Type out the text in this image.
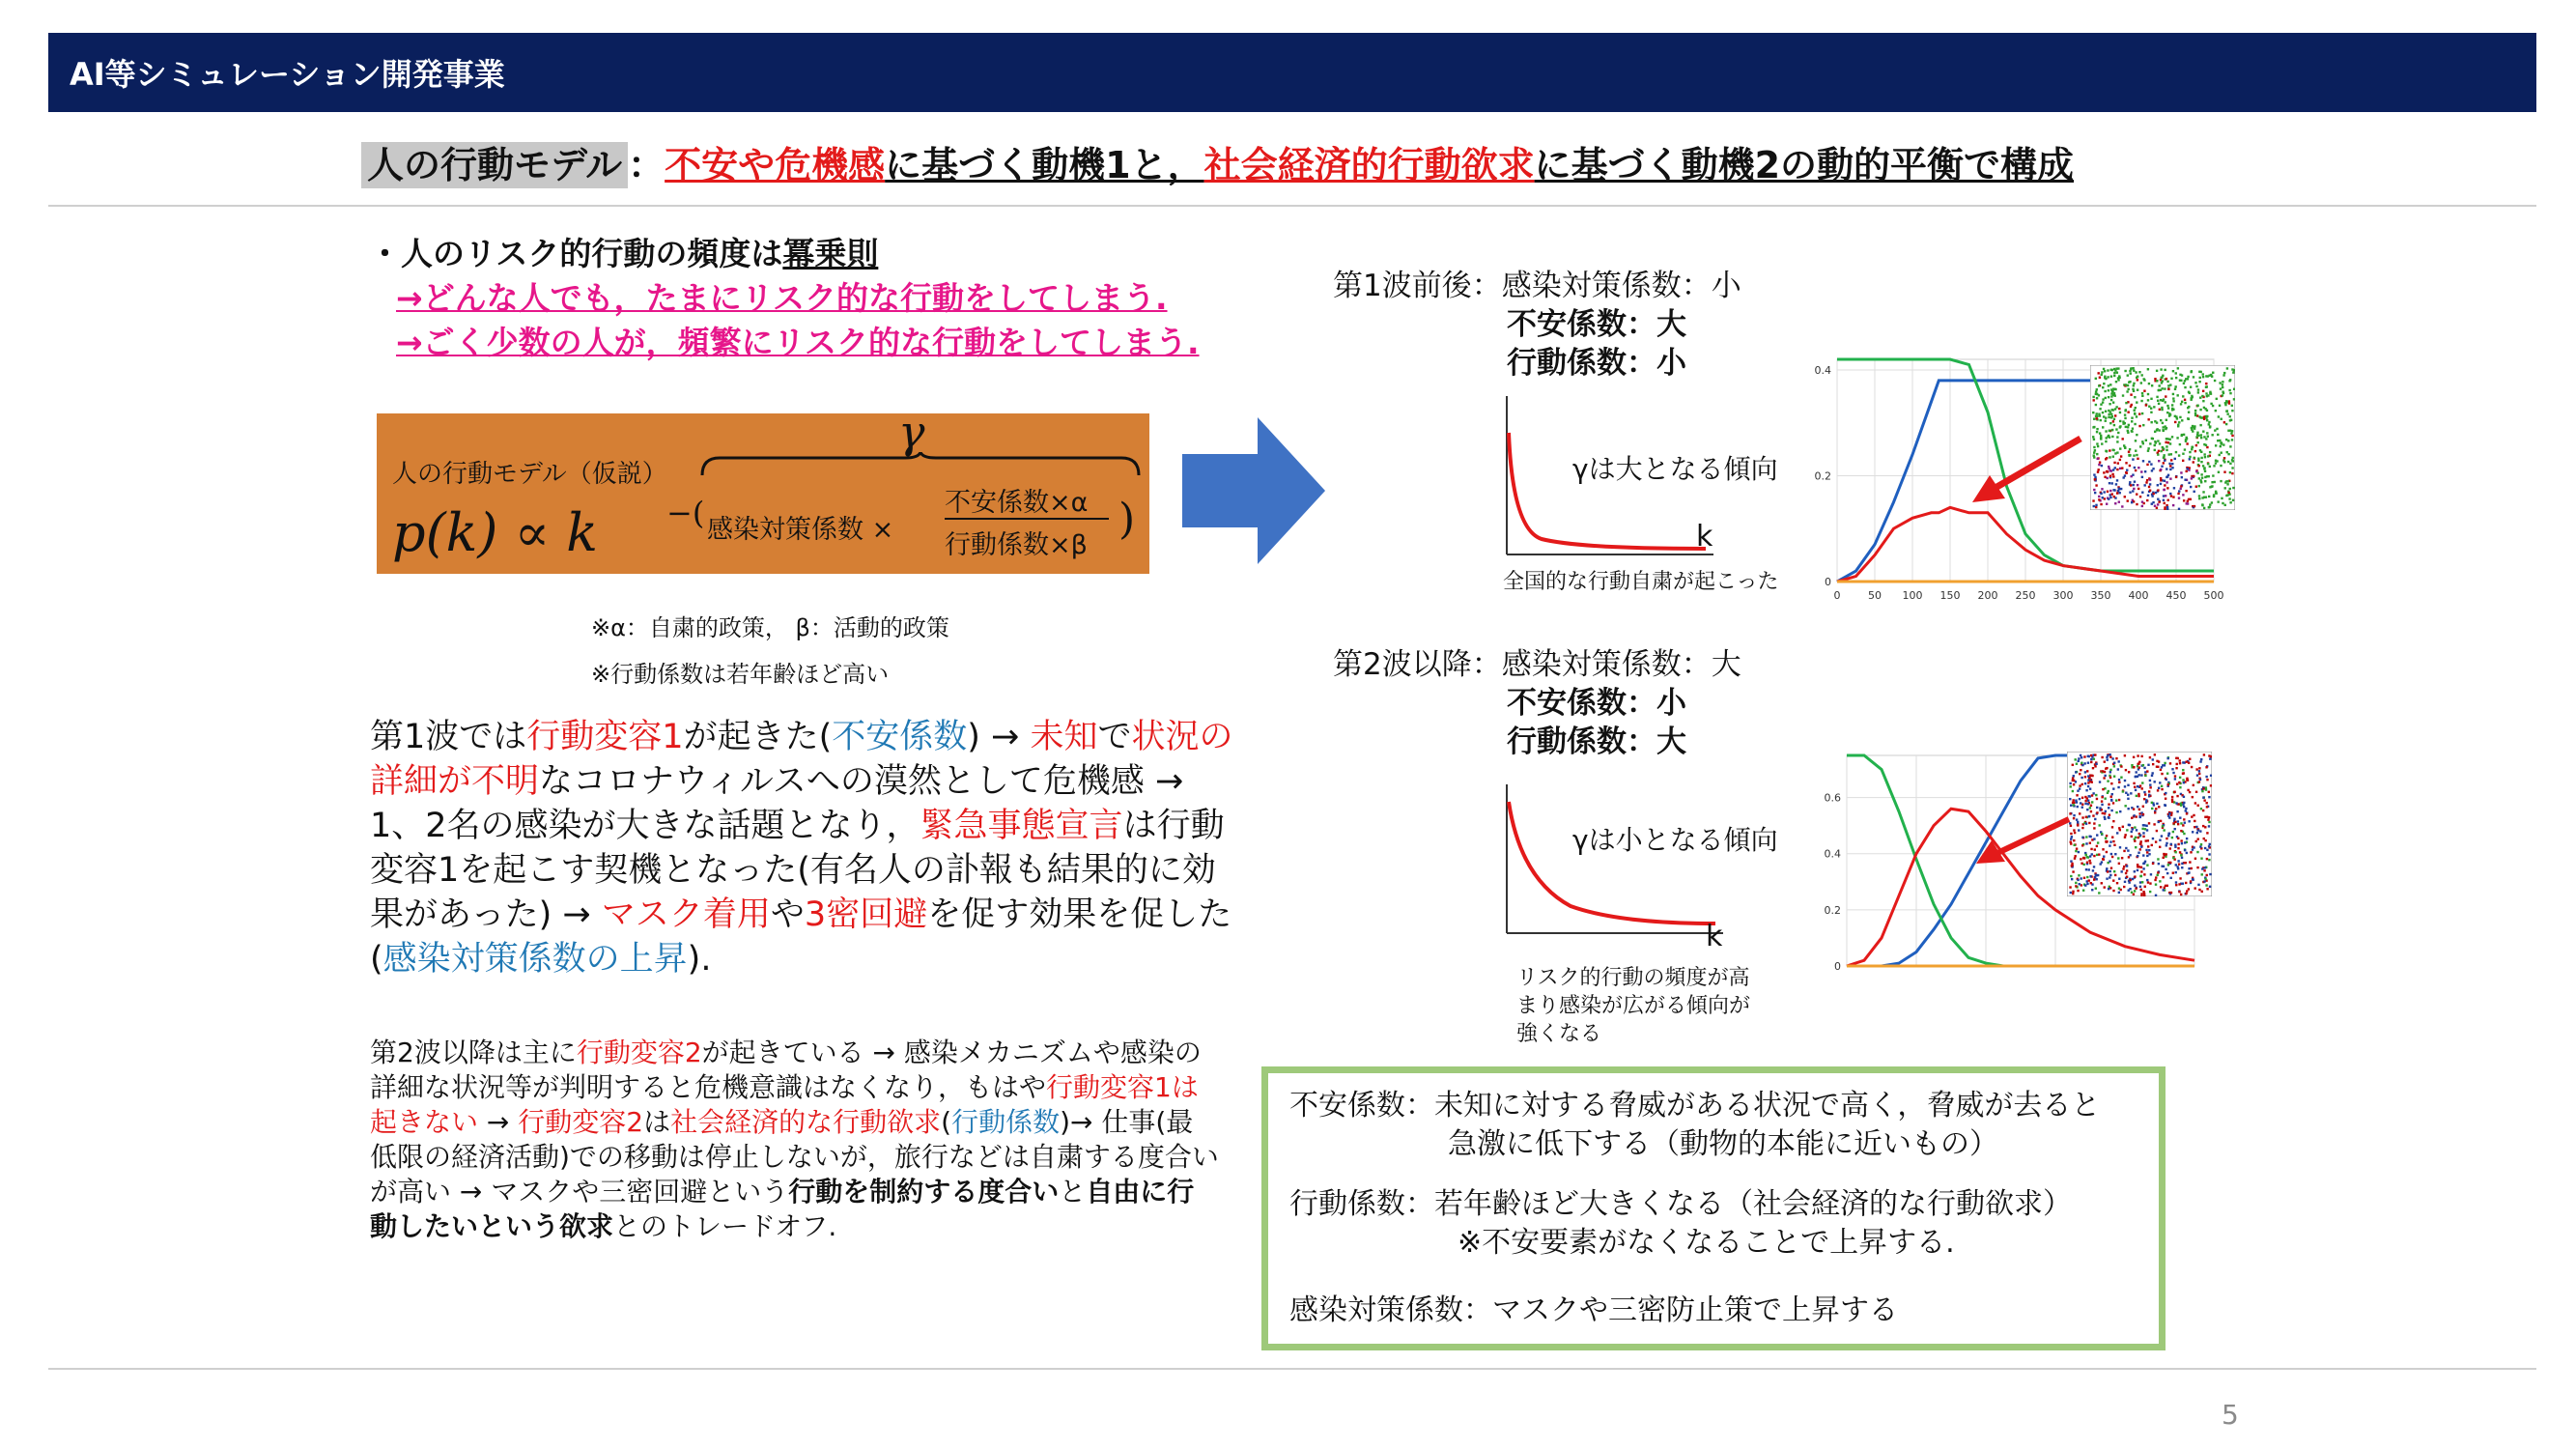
AI等シミュレーション開発事業
人の行動モデル ：不安や危機感に基づく動機1と，社会経済的行動欲求に基づく動機2の動的平衡で構成
・人のリスク的行動の頻度は冪乗則
→どんな人でも，たまにリスク的な行動をしてしまう.
→ごく少数の人が，頻繁にリスク的な行動をしてしまう.
人の行動モデル（仮説）
γ
p(k) ∝ k −( 感染対策係数 ×
不安係数×α
行動係数×β
)
※α：自粛的政策， β：活動的政策
※行動係数は若年齢ほど高い
第1波では行動変容1が起きた(不安係数) → 未知で状況の詳細が不明なコロナウィルスへの漠然として危機感 → 1、2名の感染が大きな話題となり，緊急事態宣言は行動変容1を起こす契機となった(有名人の訃報も結果的に効果があった) → マスク着用や3密回避を促す効果を促した(感染対策係数の上昇).
第2波以降は主に行動変容2が起きている → 感染メカニズムや感染の詳細な状況等が判明すると危機意識はなくなり，もはや行動変容1は起きない → 行動変容2は社会経済的な行動欲求(行動係数)→ 仕事(最低限の経済活動)での移動は停止しないが，旅行などは自粛する度合いが高い → マスクや三密回避という行動を制約する度合いと自由に行動したいという欲求とのトレードオフ.
第1波前後：感染対策係数：小
不安係数：大
行動係数：小
γは大となる傾向
k
全国的な行動自粛が起こった	0
0.2
0.4
0	50 100 150 200 250 300 350 400 450 500
第2波以降：感染対策係数：大
不安係数：小
行動係数：大
γは小となる傾向
k
リスク的行動の頻度が高
まり感染が広がる傾向が
強くなる
0
0.2
0.4
0.6
不安係数：未知に対する脅威がある状況で高く，脅威が去ると
急激に低下する（動物的本能に近いもの）
行動係数：若年齢ほど大きくなる（社会経済的な行動欲求）
※不安要素がなくなることで上昇する.
感染対策係数：マスクや三密防止策で上昇する
5
